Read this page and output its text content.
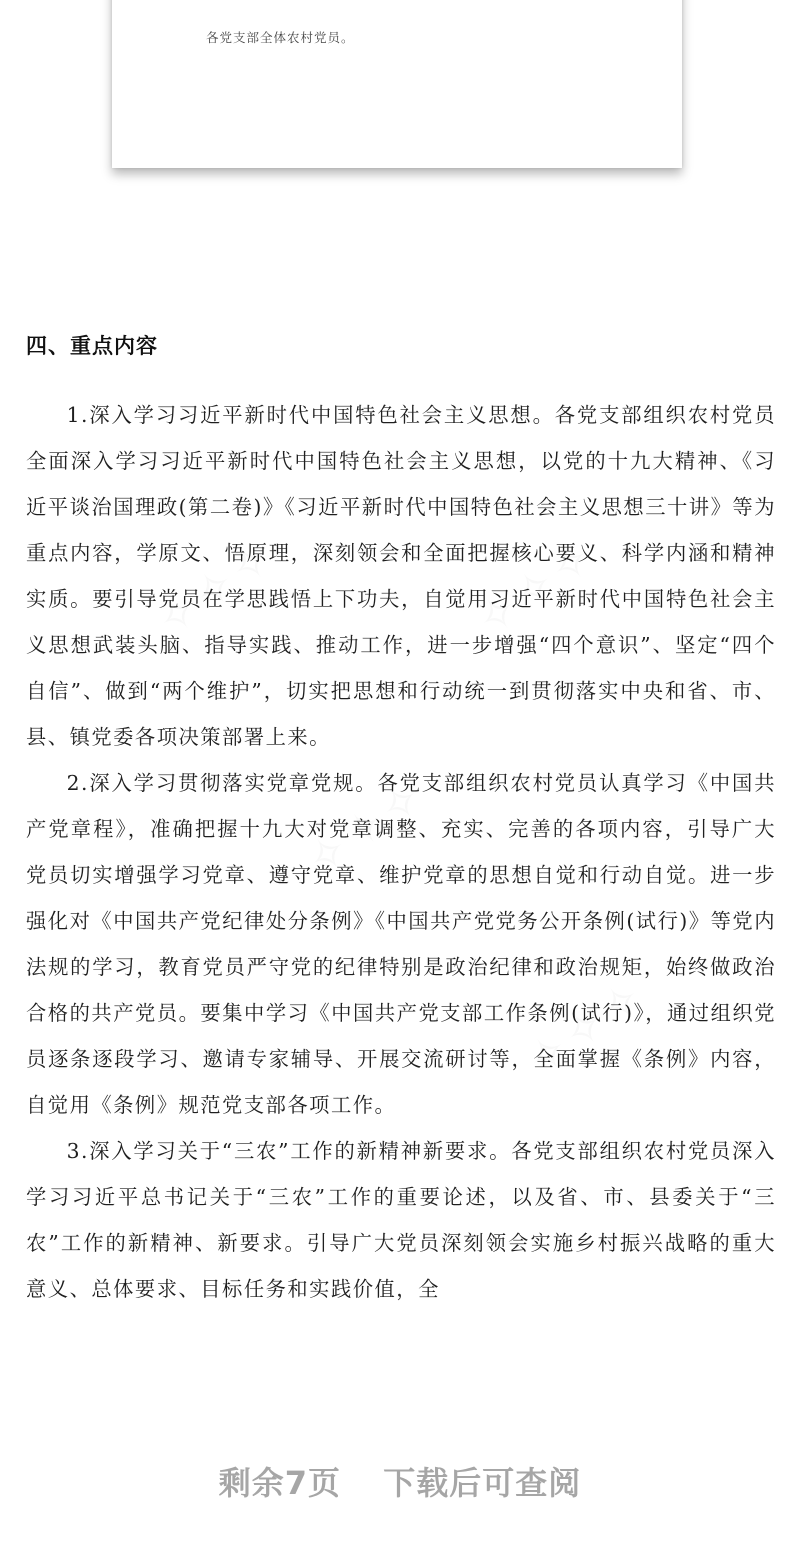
各党支部全体农村党员。
✧✧✧	✧✧✧
✧✧✧
✧✧✧
四、重点内容

1.深入学习习近平新时代中国特色社会主义思想。各党支部组织农村党员全面深入学习习近平新时代中国特色社会主义思想，以党的十九大精神、《习近平谈治国理政(第二卷)》《习近平新时代中国特色社会主义思想三十讲》等为重点内容，学原文、悟原理，深刻领会和全面把握核心要义、科学内涵和精神实质。要引导党员在学思践悟上下功夫，自觉用习近平新时代中国特色社会主义思想武装头脑、指导实践、推动工作，进一步增强“四个意识”、坚定“四个自信”、做到“两个维护”，切实把思想和行动统一到贯彻落实中央和省、市、县、镇党委各项决策部署上来。

2.深入学习贯彻落实党章党规。各党支部组织农村党员认真学习《中国共产党章程》，准确把握十九大对党章调整、充实、完善的各项内容，引导广大党员切实增强学习党章、遵守党章、维护党章的思想自觉和行动自觉。进一步强化对《中国共产党纪律处分条例》《中国共产党党务公开条例(试行)》等党内法规的学习，教育党员严守党的纪律特别是政治纪律和政治规矩，始终做政治合格的共产党员。要集中学习《中国共产党支部工作条例(试行)》，通过组织党员逐条逐段学习、邀请专家辅导、开展交流研讨等，全面掌握《条例》内容，自觉用《条例》规范党支部各项工作。

3.深入学习关于“三农”工作的新精神新要求。各党支部组织农村党员深入学习习近平总书记关于“三农”工作的重要论述，以及省、市、县委关于“三农”工作的新精神、新要求。引导广大党员深刻领会实施乡村振兴战略的重大意义、总体要求、目标任务和实践价值，全

剩余7页 下载后可查阅
